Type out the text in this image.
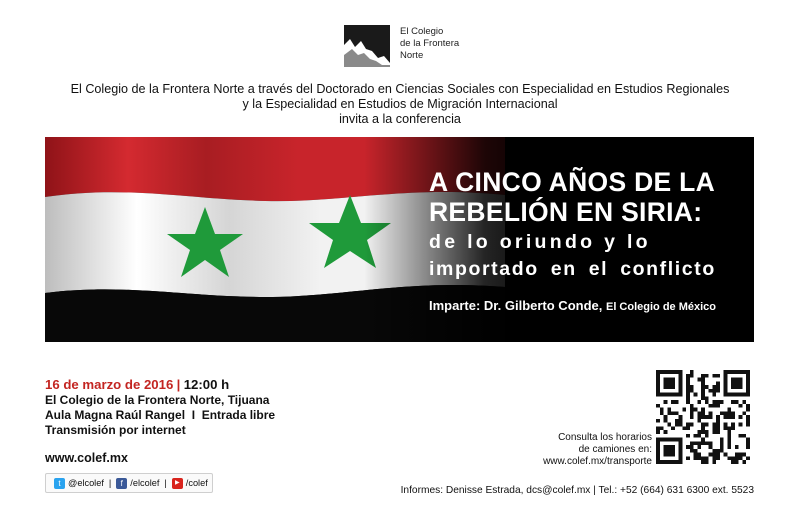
El Colegio
de la Frontera
Norte
El Colegio de la Frontera Norte a través del Doctorado en Ciencias Sociales con Especialidad en Estudios Regionales
y la Especialidad en Estudios de Migración Internacional
invita a la conferencia
A CINCO AÑOS DE LA
REBELIÓN EN SIRIA:
de lo oriundo y lo
importado en el conflicto
Imparte: Dr. Gilberto Conde, El Colegio de México
16 de marzo de 2016 | 12:00 h
El Colegio de la Frontera Norte, Tijuana
Aula Magna Raúl Rangel  I  Entrada libre
Transmisión por internet
www.colef.mx
t @elcolef |	f /elcolef |	▶ /colef
Consulta los horarios
de camiones en:
www.colef.mx/transporte
Informes: Denisse Estrada, dcs@colef.mx | Tel.: +52 (664) 631 6300 ext. 5523
